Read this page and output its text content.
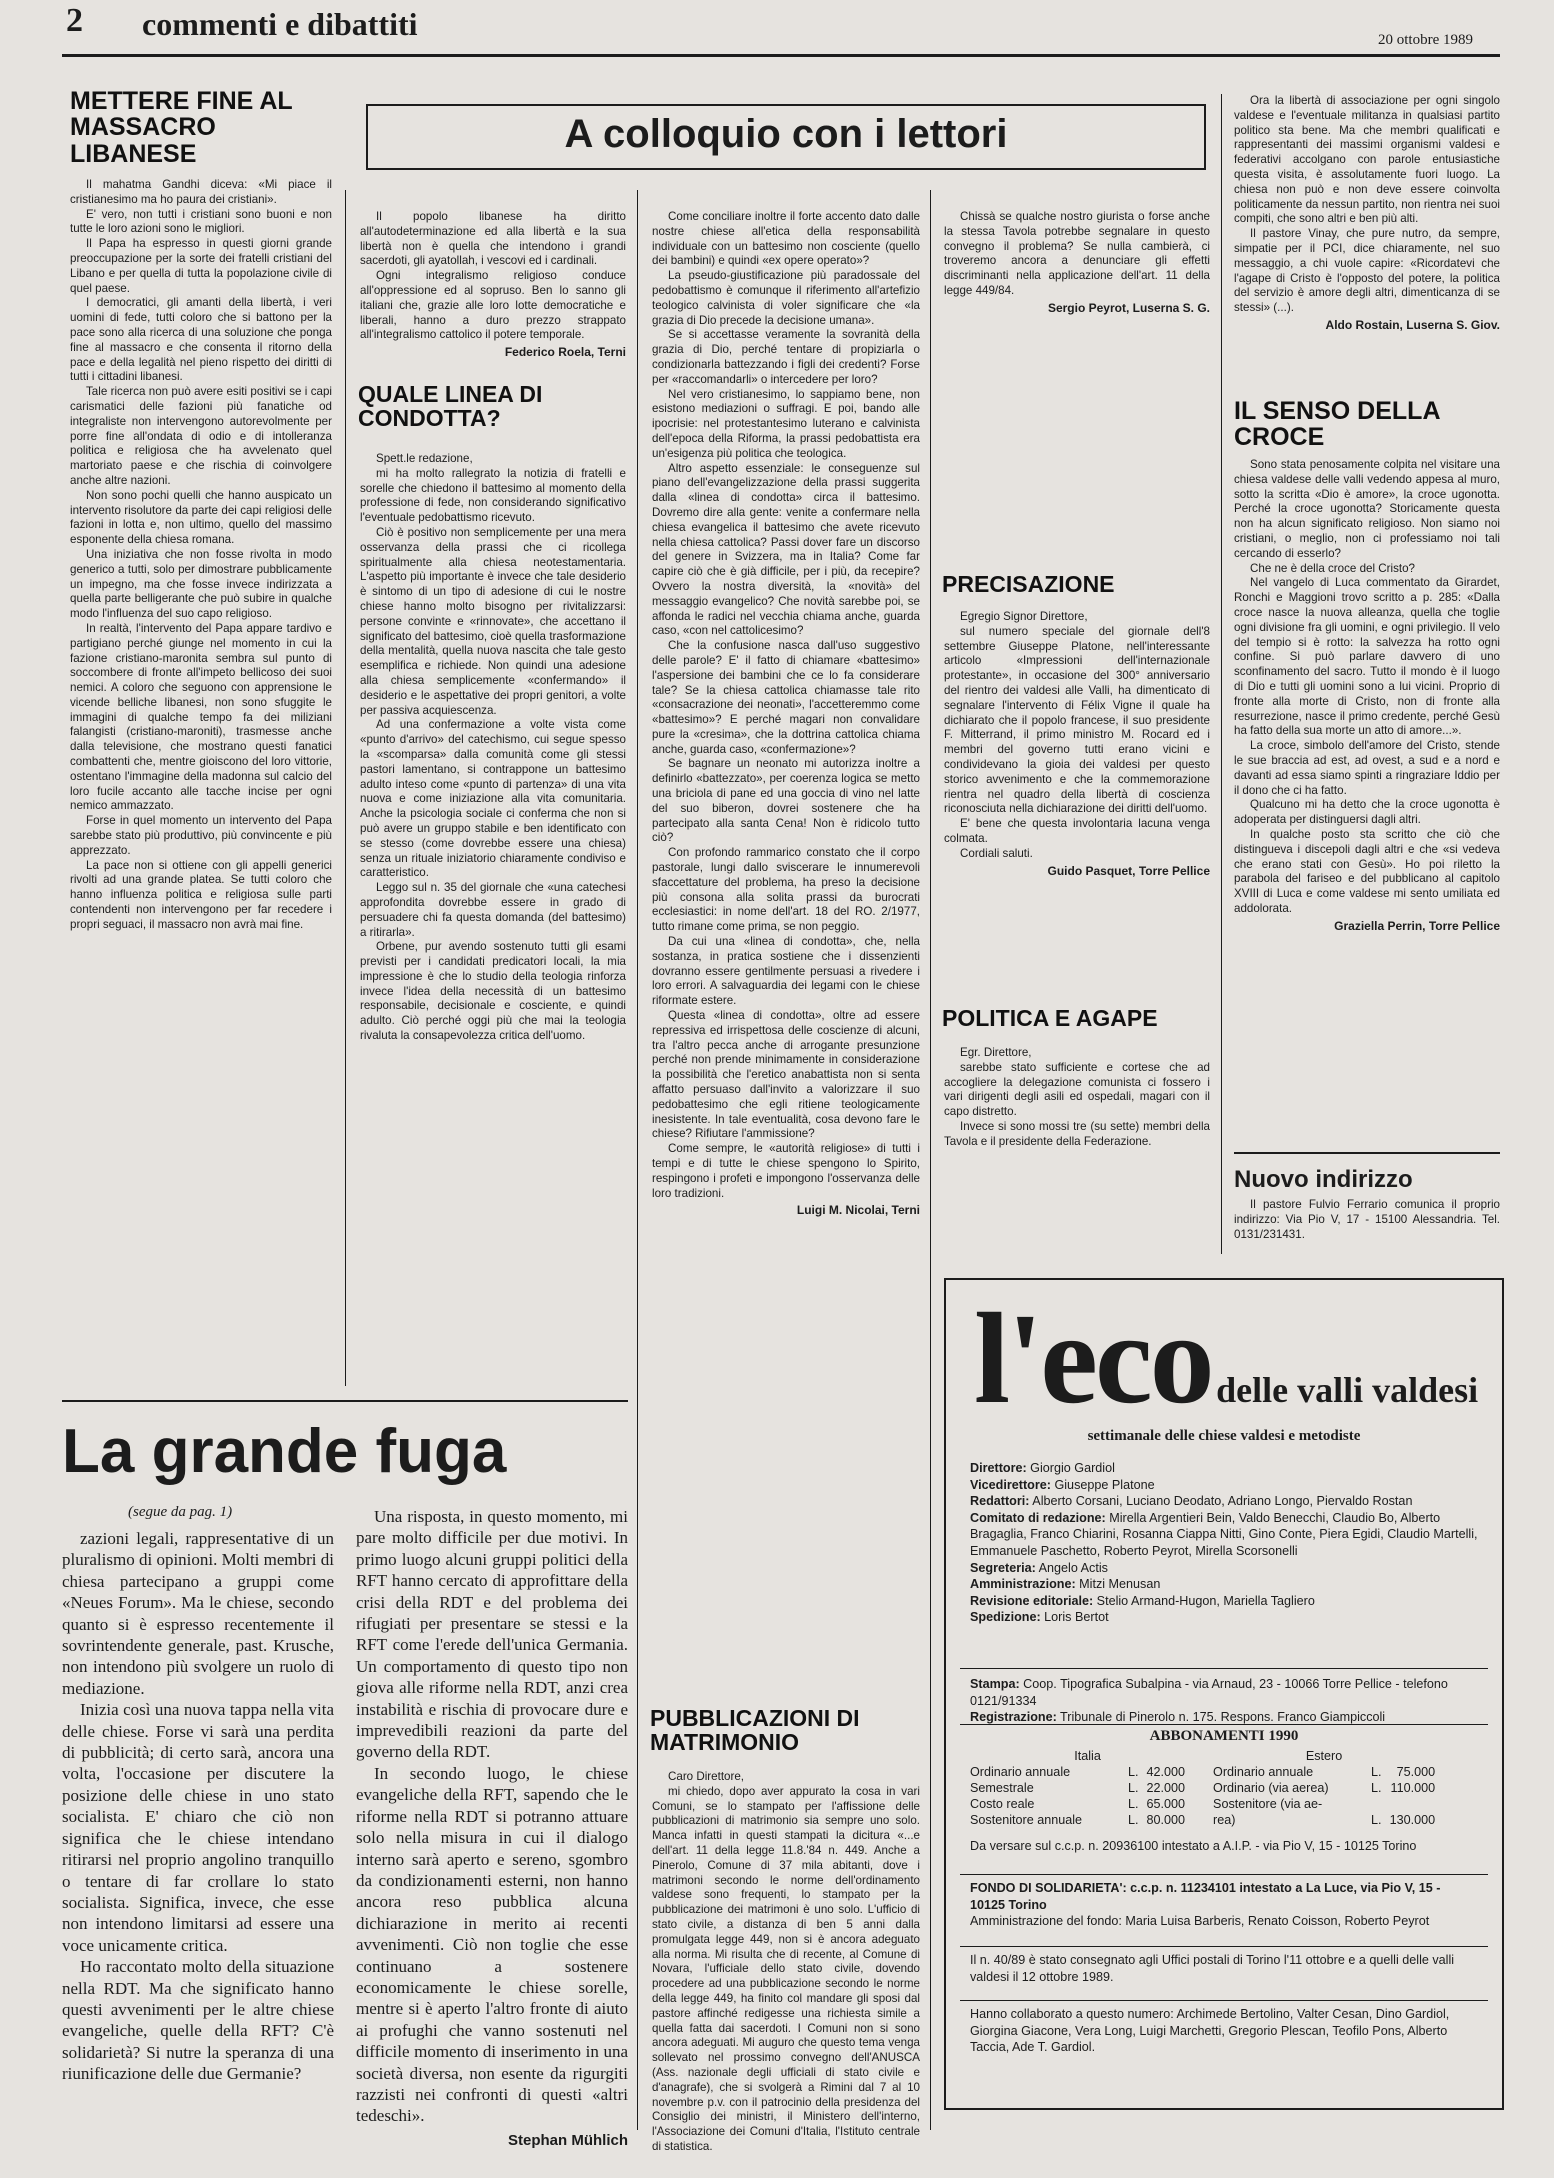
2 commenti e dibattiti	20 ottobre 1989
METTERE FINE AL MASSACRO LIBANESE

Il mahatma Gandhi diceva: «Mi piace il cristianesimo ma ho paura dei cristiani».

E' vero, non tutti i cristiani sono buoni e non tutte le loro azioni sono le migliori.

Il Papa ha espresso in questi giorni grande preoccupazione per la sorte dei fratelli cristiani del Libano e per quella di tutta la popolazione civile di quel paese.

I democratici, gli amanti della libertà, i veri uomini di fede, tutti coloro che si battono per la pace sono alla ricerca di una soluzione che ponga fine al massacro e che consenta il ritorno della pace e della legalità nel pieno rispetto dei diritti di tutti i cittadini libanesi.

Tale ricerca non può avere esiti positivi se i capi carismatici delle fazioni più fanatiche od integraliste non intervengono autorevolmente per porre fine all'ondata di odio e di intolleranza politica e religiosa che ha avvelenato quel martoriato paese e che rischia di coinvolgere anche altre nazioni.

Non sono pochi quelli che hanno auspicato un intervento risolutore da parte dei capi religiosi delle fazioni in lotta e, non ultimo, quello del massimo esponente della chiesa romana.

Una iniziativa che non fosse rivolta in modo generico a tutti, solo per dimostrare pubblicamente un impegno, ma che fosse invece indirizzata a quella parte belligerante che può subire in qualche modo l'influenza del suo capo religioso.

In realtà, l'intervento del Papa appare tardivo e partigiano perché giunge nel momento in cui la fazione cristiano-maronita sembra sul punto di soccombere di fronte all'impeto bellicoso dei suoi nemici. A coloro che seguono con apprensione le vicende belliche libanesi, non sono sfuggite le immagini di qualche tempo fa dei miliziani falangisti (cristiano-maroniti), trasmesse anche dalla televisione, che mostrano questi fanatici combattenti che, mentre gioiscono del loro vittorie, ostentano l'immagine della madonna sul calcio del loro fucile accanto alle tacche incise per ogni nemico ammazzato.

Forse in quel momento un intervento del Papa sarebbe stato più produttivo, più convincente e più apprezzato.

La pace non si ottiene con gli appelli generici rivolti ad una grande platea. Se tutti coloro che hanno influenza politica e religiosa sulle parti contendenti non intervengono per far recedere i propri seguaci, il massacro non avrà mai fine.

A colloquio con i lettori

Il popolo libanese ha diritto all'autodeterminazione ed alla libertà e la sua libertà non è quella che intendono i grandi sacerdoti, gli ayatollah, i vescovi ed i cardinali.

Ogni integralismo religioso conduce all'oppressione ed al sopruso. Ben lo sanno gli italiani che, grazie alle loro lotte democratiche e liberali, hanno a duro prezzo strappato all'integralismo cattolico il potere temporale.

Federico Roela, Terni
QUALE LINEA DI CONDOTTA?

Spett.le redazione,

mi ha molto rallegrato la notizia di fratelli e sorelle che chiedono il battesimo al momento della professione di fede, non considerando significativo l'eventuale pedobattismo ricevuto.

Ciò è positivo non semplicemente per una mera osservanza della prassi che ci ricollega spiritualmente alla chiesa neotestamentaria. L'aspetto più importante è invece che tale desiderio è sintomo di un tipo di adesione di cui le nostre chiese hanno molto bisogno per rivitalizzarsi: persone convinte e «rinnovate», che accettano il significato del battesimo, cioè quella trasformazione della mentalità, quella nuova nascita che tale gesto esemplifica e richiede. Non quindi una adesione alla chiesa semplicemente «confermando» il desiderio e le aspettative dei propri genitori, a volte per passiva acquiescenza.

Ad una confermazione a volte vista come «punto d'arrivo» del catechismo, cui segue spesso la «scomparsa» dalla comunità come gli stessi pastori lamentano, si contrappone un battesimo adulto inteso come «punto di partenza» di una vita nuova e come iniziazione alla vita comunitaria. Anche la psicologia sociale ci conferma che non si può avere un gruppo stabile e ben identificato con se stesso (come dovrebbe essere una chiesa) senza un rituale iniziatorio chiaramente condiviso e caratteristico.

Leggo sul n. 35 del giornale che «una catechesi approfondita dovrebbe essere in grado di persuadere chi fa questa domanda (del battesimo) a ritirarla».

Orbene, pur avendo sostenuto tutti gli esami previsti per i candidati predicatori locali, la mia impressione è che lo studio della teologia rinforza invece l'idea della necessità di un battesimo responsabile, decisionale e cosciente, e quindi adulto. Ciò perché oggi più che mai la teologia rivaluta la consapevolezza critica dell'uomo.

Come conciliare inoltre il forte accento dato dalle nostre chiese all'etica della responsabilità individuale con un battesimo non cosciente (quello dei bambini) e quindi «ex opere operato»?

La pseudo-giustificazione più paradossale del pedobattismo è comunque il riferimento all'artefizio teologico calvinista di voler significare che «la grazia di Dio precede la decisione umana».

Se si accettasse veramente la sovranità della grazia di Dio, perché tentare di propiziarla o condizionarla battezzando i figli dei credenti? Forse per «raccomandarli» o intercedere per loro?

Nel vero cristianesimo, lo sappiamo bene, non esistono mediazioni o suffragi. E poi, bando alle ipocrisie: nel protestantesimo luterano e calvinista dell'epoca della Riforma, la prassi pedobattista era un'esigenza più politica che teologica.

Altro aspetto essenziale: le conseguenze sul piano dell'evangelizzazione della prassi suggerita dalla «linea di condotta» circa il battesimo. Dovremo dire alla gente: venite a confermare nella chiesa evangelica il battesimo che avete ricevuto nella chiesa cattolica? Passi dover fare un discorso del genere in Svizzera, ma in Italia? Come far capire ciò che è già difficile, per i più, da recepire? Ovvero la nostra diversità, la «novità» del messaggio evangelico? Che novità sarebbe poi, se affonda le radici nel vecchia chiama anche, guarda caso, «con nel cattolicesimo?

Che la confusione nasca dall'uso suggestivo delle parole? E' il fatto di chiamare «battesimo» l'aspersione dei bambini che ce lo fa considerare tale? Se la chiesa cattolica chiamasse tale rito «consacrazione dei neonati», l'accetteremmo come «battesimo»? E perché magari non convalidare pure la «cresima», che la dottrina cattolica chiama anche, guarda caso, «confermazione»?

Se bagnare un neonato mi autorizza inoltre a definirlo «battezzato», per coerenza logica se metto una briciola di pane ed una goccia di vino nel latte del suo biberon, dovrei sostenere che ha partecipato alla santa Cena! Non è ridicolo tutto ciò?

Con profondo rammarico constato che il corpo pastorale, lungi dallo sviscerare le innumerevoli sfaccettature del problema, ha preso la decisione più consona alla solita prassi da burocrati ecclesiastici: in nome dell'art. 18 del RO. 2/1977, tutto rimane come prima, se non peggio.

Da cui una «linea di condotta», che, nella sostanza, in pratica sostiene che i dissenzienti dovranno essere gentilmente persuasi a rivedere i loro errori. A salvaguardia dei legami con le chiese riformate estere.

Questa «linea di condotta», oltre ad essere repressiva ed irrispettosa delle coscienze di alcuni, tra l'altro pecca anche di arrogante presunzione perché non prende minimamente in considerazione la possibilità che l'eretico anabattista non si senta affatto persuaso dall'invito a valorizzare il suo pedobattesimo che egli ritiene teologicamente inesistente. In tale eventualità, cosa devono fare le chiese? Rifiutare l'ammissione?

Come sempre, le «autorità religiose» di tutti i tempi e di tutte le chiese spengono lo Spirito, respingono i profeti e impongono l'osservanza delle loro tradizioni.

Luigi M. Nicolai, Terni
PUBBLICAZIONI DI MATRIMONIO

Caro Direttore,

mi chiedo, dopo aver appurato la cosa in vari Comuni, se lo stampato per l'affissione delle pubblicazioni di matrimonio sia sempre uno solo. Manca infatti in questi stampati la dicitura «...e dell'art. 11 della legge 11.8.'84 n. 449. Anche a Pinerolo, Comune di 37 mila abitanti, dove i matrimoni secondo le norme dell'ordinamento valdese sono frequenti, lo stampato per la pubblicazione dei matrimoni è uno solo. L'ufficio di stato civile, a distanza di ben 5 anni dalla promulgata legge 449, non si è ancora adeguato alla norma. Mi risulta che di recente, al Comune di Novara, l'ufficiale dello stato civile, dovendo procedere ad una pubblicazione secondo le norme della legge 449, ha finito col mandare gli sposi dal pastore affinché redigesse una richiesta simile a quella fatta dai sacerdoti. I Comuni non si sono ancora adeguati. Mi auguro che questo tema venga sollevato nel prossimo convegno dell'ANUSCA (Ass. nazionale degli ufficiali di stato civile e d'anagrafe), che si svolgerà a Rimini dal 7 al 10 novembre p.v. con il patrocinio della presidenza del Consiglio dei ministri, il Ministero dell'interno, l'Associazione dei Comuni d'Italia, l'Istituto centrale di statistica.

Chissà se qualche nostro giurista o forse anche la stessa Tavola potrebbe segnalare in questo convegno il problema? Se nulla cambierà, ci troveremo ancora a denunciare gli effetti discriminanti nella applicazione dell'art. 11 della legge 449/84.

Sergio Peyrot, Luserna S. G.
PRECISAZIONE

Egregio Signor Direttore,

sul numero speciale del giornale dell'8 settembre Giuseppe Platone, nell'interessante articolo «Impressioni dell'internazionale protestante», in occasione del 300° anniversario del rientro dei valdesi alle Valli, ha dimenticato di segnalare l'intervento di Félix Vigne il quale ha dichiarato che il popolo francese, il suo presidente F. Mitterrand, il primo ministro M. Rocard ed i membri del governo tutti erano vicini e condividevano la gioia dei valdesi per questo storico avvenimento e che la commemorazione rientra nel quadro della libertà di coscienza riconosciuta nella dichiarazione dei diritti dell'uomo.

E' bene che questa involontaria lacuna venga colmata.

Cordiali saluti.

Guido Pasquet, Torre Pellice
POLITICA E AGAPE

Egr. Direttore,

sarebbe stato sufficiente e cortese che ad accogliere la delegazione comunista ci fossero i vari dirigenti degli asili ed ospedali, magari con il capo distretto.

Invece si sono mossi tre (su sette) membri della Tavola e il presidente della Federazione.

Ora la libertà di associazione per ogni singolo valdese e l'eventuale militanza in qualsiasi partito politico sta bene. Ma che membri qualificati e rappresentanti dei massimi organismi valdesi e federativi accolgano con parole entusiastiche questa visita, è assolutamente fuori luogo. La chiesa non può e non deve essere coinvolta politicamente da nessun partito, non rientra nei suoi compiti, che sono altri e ben più alti.

Il pastore Vinay, che pure nutro, da sempre, simpatie per il PCI, dice chiaramente, nel suo messaggio, a chi vuole capire: «Ricordatevi che l'agape di Cristo è l'opposto del potere, la politica del servizio è amore degli altri, dimenticanza di se stessi» (...).

Aldo Rostain, Luserna S. Giov.
IL SENSO DELLA CROCE

Sono stata penosamente colpita nel visitare una chiesa valdese delle valli vedendo appesa al muro, sotto la scritta «Dio è amore», la croce ugonotta. Perché la croce ugonotta? Storicamente questa non ha alcun significato religioso. Non siamo noi cristiani, o meglio, non ci professiamo noi tali cercando di esserlo?

Che ne è della croce del Cristo?

Nel vangelo di Luca commentato da Girardet, Ronchi e Maggioni trovo scritto a p. 285: «Dalla croce nasce la nuova alleanza, quella che toglie ogni divisione fra gli uomini, e ogni privilegio. Il velo del tempio si è rotto: la salvezza ha rotto ogni confine. Si può parlare davvero di uno sconfinamento del sacro. Tutto il mondo è il luogo di Dio e tutti gli uomini sono a lui vicini. Proprio di fronte alla morte di Cristo, non di fronte alla resurrezione, nasce il primo credente, perché Gesù ha fatto della sua morte un atto di amore...».

La croce, simbolo dell'amore del Cristo, stende le sue braccia ad est, ad ovest, a sud e a nord e davanti ad essa siamo spinti a ringraziare Iddio per il dono che ci ha fatto.

Qualcuno mi ha detto che la croce ugonotta è adoperata per distinguersi dagli altri.

In qualche posto sta scritto che ciò che distingueva i discepoli dagli altri e che «si vedeva che erano stati con Gesù». Ho poi riletto la parabola del fariseo e del pubblicano al capitolo XVIII di Luca e come valdese mi sento umiliata ed addolorata.

Graziella Perrin, Torre Pellice
Nuovo indirizzo

Il pastore Fulvio Ferrario comunica il proprio indirizzo: Via Pio V, 17 - 15100 Alessandria. Tel. 0131/231431.

La grande fuga
(segue da pag. 1)

zazioni legali, rappresentative di un pluralismo di opinioni. Molti membri di chiesa partecipano a gruppi come «Neues Forum». Ma le chiese, secondo quanto si è espresso recentemente il sovrintendente generale, past. Krusche, non intendono più svolgere un ruolo di mediazione.

Inizia così una nuova tappa nella vita delle chiese. Forse vi sarà una perdita di pubblicità; di certo sarà, ancora una volta, l'occasione per discutere la posizione delle chiese in uno stato socialista. E' chiaro che ciò non significa che le chiese intendano ritirarsi nel proprio angolino tranquillo o tentare di far crollare lo stato socialista. Significa, invece, che esse non intendono limitarsi ad essere una voce unicamente critica.

Ho raccontato molto della situazione nella RDT. Ma che significato hanno questi avvenimenti per le altre chiese evangeliche, quelle della RFT? C'è solidarietà? Si nutre la speranza di una riunificazione delle due Germanie?

Una risposta, in questo momento, mi pare molto difficile per due motivi. In primo luogo alcuni gruppi politici della RFT hanno cercato di approfittare della crisi della RDT e del problema dei rifugiati per presentare se stessi e la RFT come l'erede dell'unica Germania. Un comportamento di questo tipo non giova alle riforme nella RDT, anzi crea instabilità e rischia di provocare dure e imprevedibili reazioni da parte del governo della RDT.

In secondo luogo, le chiese evangeliche della RFT, sapendo che le riforme nella RDT si potranno attuare solo nella misura in cui il dialogo interno sarà aperto e sereno, sgombro da condizionamenti esterni, non hanno ancora reso pubblica alcuna dichiarazione in merito ai recenti avvenimenti. Ciò non toglie che esse continuano a sostenere economicamente le chiese sorelle, mentre si è aperto l'altro fronte di aiuto ai profughi che vanno sostenuti nel difficile momento di inserimento in una società diversa, non esente da rigurgiti razzisti nei confronti di questi «altri tedeschi».

Stephan Mühlich
l'eco delle valli valdesi
settimanale delle chiese valdesi e metodiste
Direttore: Giorgio Gardiol
Vicedirettore: Giuseppe Platone
Redattori: Alberto Corsani, Luciano Deodato, Adriano Longo, Piervaldo Rostan
Comitato di redazione: Mirella Argentieri Bein, Valdo Benecchi, Claudio Bo, Alberto Bragaglia, Franco Chiarini, Rosanna Ciappa Nitti, Gino Conte, Piera Egidi, Claudio Martelli, Emmanuele Paschetto, Roberto Peyrot, Mirella Scorsonelli
Segreteria: Angelo Actis
Amministrazione: Mitzi Menusan
Revisione editoriale: Stelio Armand-Hugon, Mariella Tagliero
Spedizione: Loris Bertot
Stampa: Coop. Tipografica Subalpina - via Arnaud, 23 - 10066 Torre Pellice - telefono 0121/91334
Registrazione: Tribunale di Pinerolo n. 175. Respons. Franco Giampiccoli
ABBONAMENTI 1990
Italia			Estero		
Ordinario annuale	L.	42.000	Ordinario annuale	L.	75.000
Semestrale	L.	22.000	Ordinario (via aerea)	L.	110.000
Costo reale	L.	65.000	Sostenitore (via ae-		
Sostenitore annuale	L.	80.000	rea)	L.	130.000
Da versare sul c.c.p. n. 20936100 intestato a A.I.P. - via Pio V, 15 - 10125 Torino
FONDO DI SOLIDARIETA': c.c.p. n. 11234101 intestato a La Luce, via Pio V, 15 - 10125 Torino
Amministrazione del fondo: Maria Luisa Barberis, Renato Coisson, Roberto Peyrot
Il n. 40/89 è stato consegnato agli Uffici postali di Torino l'11 ottobre e a quelli delle valli valdesi il 12 ottobre 1989.
Hanno collaborato a questo numero: Archimede Bertolino, Valter Cesan, Dino Gardiol, Giorgina Giacone, Vera Long, Luigi Marchetti, Gregorio Plescan, Teofilo Pons, Alberto Taccia, Ade T. Gardiol.
